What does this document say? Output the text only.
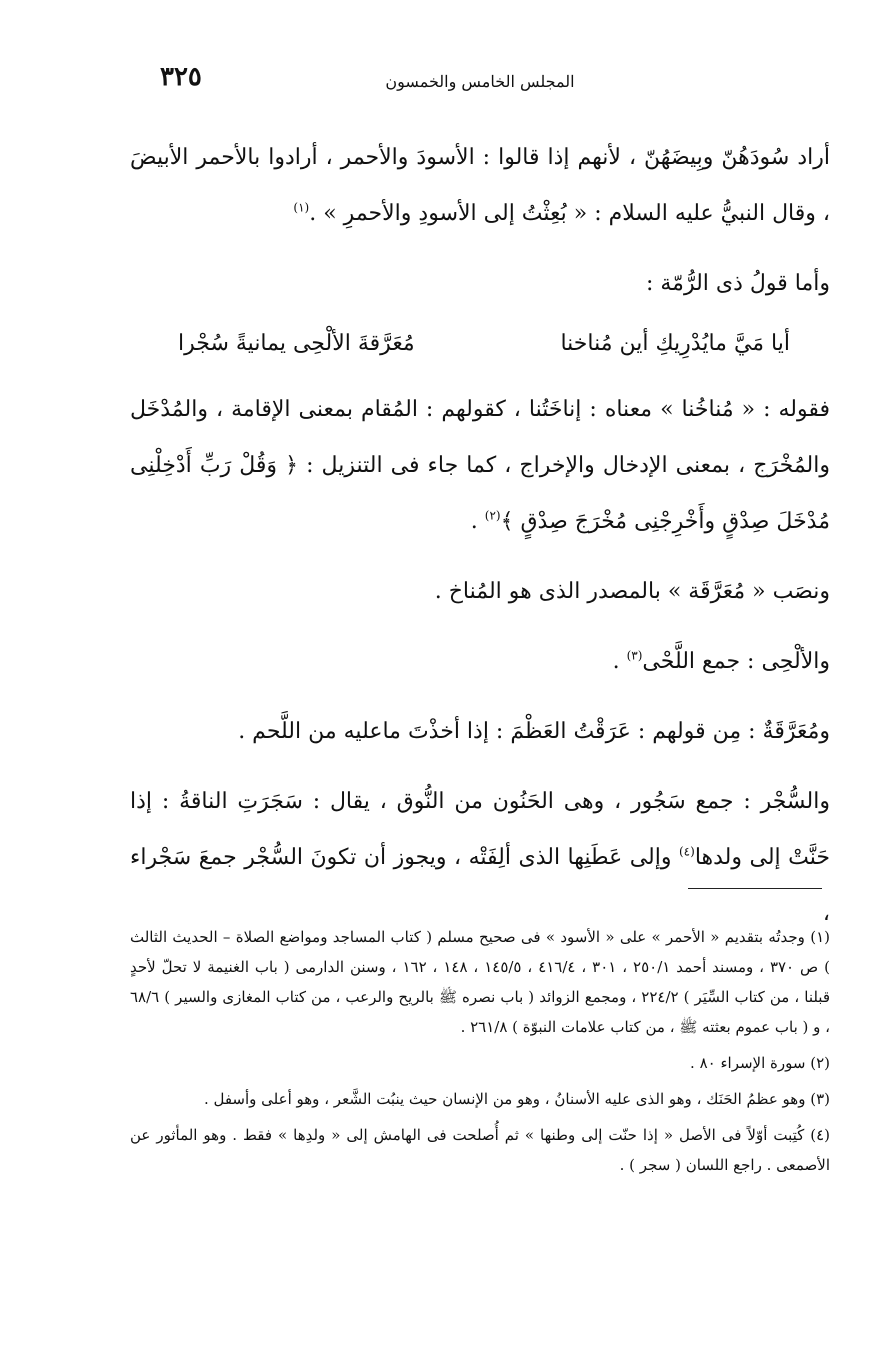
٣٢٥	المجلس الخامس والخمسون

أراد سُودَهُنّ وبِيضَهُنّ ، لأنهم إذا قالوا : الأسودَ والأحمر ، أرادوا بالأحمر الأبيضَ ، وقال النبيُّ عليه السلام : « بُعِثْتُ إلى الأسودِ والأحمرِ » .$^{(١)}$

وأما قولُ ذى الرُّمّة :

أيا مَيَّ مايُدْرِيكِ أين مُناخنا
مُعَرَّقةَ الألْحِى يمانيةً سُجْرا

فقوله : « مُناخُنا » معناه : إناخَتُنا ، كقولهم : المُقام بمعنى الإقامة ، والمُدْخَل والمُخْرَج ، بمعنى الإدخال والإخراج ، كما جاء فى التنزيل : ﴿ وَقُلْ رَبِّ أَدْخِلْنِى مُدْخَلَ صِدْقٍ وأَخْرِجْنِى مُخْرَجَ صِدْقٍ ﴾$^{(٢)}$ .

ونصَب « مُعَرَّقَة » بالمصدر الذى هو المُناخ .

والألْحِى : جمع اللَّحْى$^{(٣)}$ .

ومُعَرَّقَةٌ : مِن قولهم : عَرَقْتُ العَظْمَ : إذا أخذْتَ ماعليه من اللَّحم .

والسُّجْر : جمع سَجُور ، وهى الحَنُون من النُّوق ، يقال : سَجَرَتِ الناقةُ : إذا حَنَّتْ إلى ولدها$^{(٤)}$ وإلى عَطَنِها الذى ألِفَتْه ، ويجوز أن تكونَ السُّجْر جمعَ سَجْراء ،

(١) وجدتُه بتقديم « الأحمر » على « الأسود » فى صحيح مسلم ( كتاب المساجد ومواضع الصلاة – الحديث الثالث ) ص ٣٧٠ ، ومسند أحمد ٢٥٠/١ ، ٣٠١ ، ٤١٦/٤ ، ١٤٥/٥ ، ١٤٨ ، ١٦٢ ، وسنن الدارمى ( باب الغنيمة لا تحلّ لأحدٍ قبلنا ، من كتاب السِّيَر ) ٢٢٤/٢ ، ومجمع الزوائد ( باب نصره ﷺ بالريح والرعب ، من كتاب المغازى والسير ) ٦٨/٦ ، و ( باب عموم بعثته ﷺ ، من كتاب علامات النبوّة ) ٢٦١/٨ .

(٢) سورة الإسراء ٨٠ .

(٣) وهو عظمُ الحَنَك ، وهو الذى عليه الأسنانُ ، وهو من الإنسان حيث ينبُت الشَّعر ، وهو أعلى وأسفل .

(٤) كُتِبت أوّلاً فى الأصل « إذا حنّت إلى وطنها » ثم أُصلحت فى الهامش إلى « ولدِها » فقط . وهو المأثور عن الأصمعى . راجع اللسان ( سجر ) .
